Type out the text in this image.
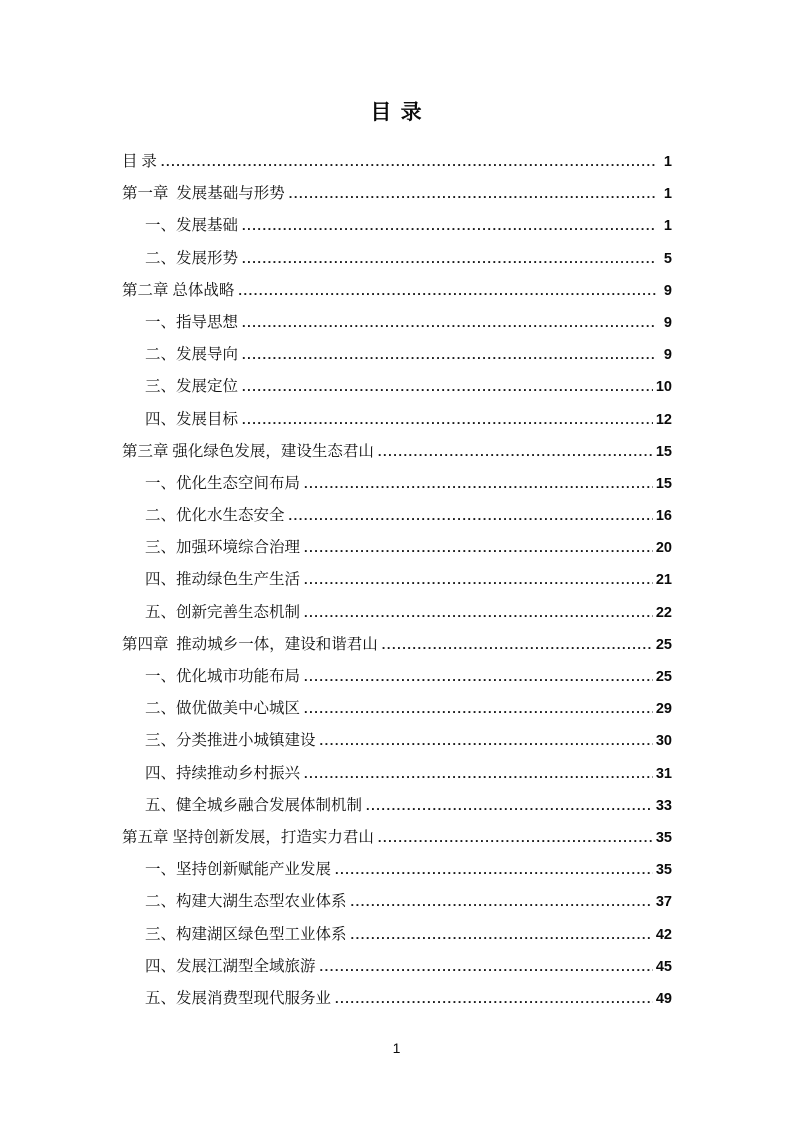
目 录
目 录 .....	1
第一章  发展基础与形势 .....	1
一、发展基础 .....	1
二、发展形势 .....	5
第二章 总体战略 .....	9
一、指导思想 .....	9
二、发展导向 .....	9
三、发展定位 .....	10
四、发展目标 .....	12
第三章 强化绿色发展，建设生态君山 .....	15
一、优化生态空间布局 .....	15
二、优化水生态安全 .....	16
三、加强环境综合治理 .....	20
四、推动绿色生产生活 .....	21
五、创新完善生态机制 .....	22
第四章  推动城乡一体，建设和谐君山 .....	25
一、优化城市功能布局 .....	25
二、做优做美中心城区 .....	29
三、分类推进小城镇建设 .....	30
四、持续推动乡村振兴 .....	31
五、健全城乡融合发展体制机制 .....	33
第五章 坚持创新发展，打造实力君山 .....	35
一、坚持创新赋能产业发展 .....	35
二、构建大湖生态型农业体系 .....	37
三、构建湖区绿色型工业体系 .....	42
四、发展江湖型全域旅游 .....	45
五、发展消费型现代服务业 .....	49
1
